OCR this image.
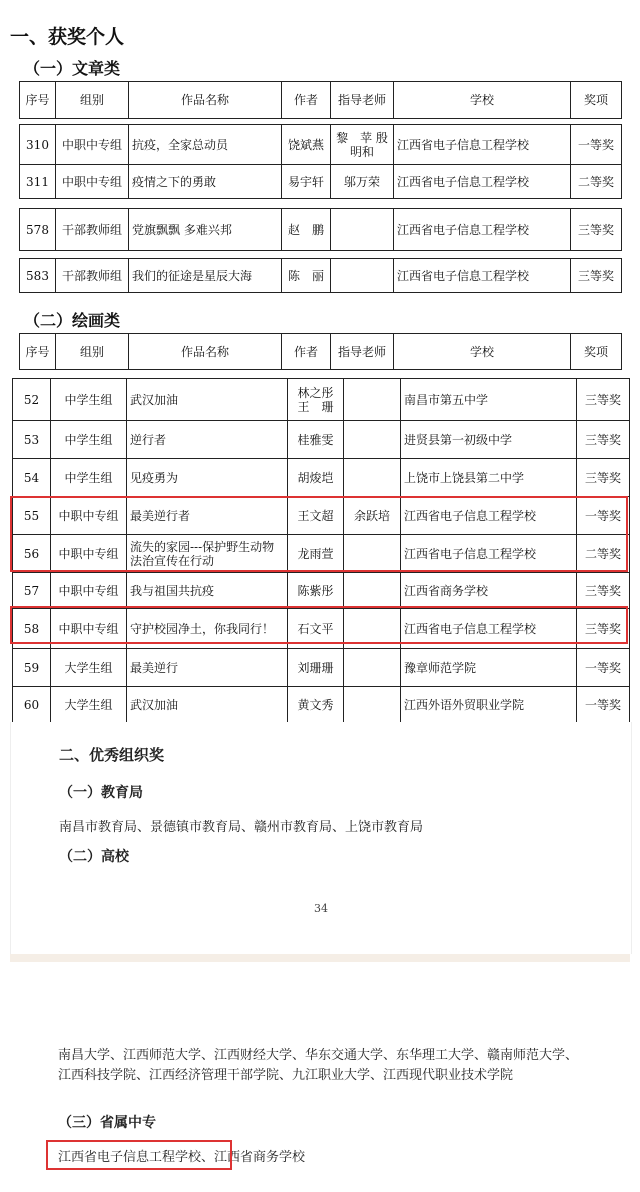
一、获奖个人
（一）文章类
序号	组别	作品名称	作者	指导老师	学校	奖项
310	中职中专组	抗疫，全家总动员	饶斌燕	黎　苹 殷明和	江西省电子信息工程学校	一等奖
311	中职中专组	疫情之下的勇敢	易宇轩	邬万荣	江西省电子信息工程学校	二等奖
578	干部教师组	党旗飘飘 多难兴邦	赵　鹏		江西省电子信息工程学校	三等奖
583	干部教师组	我们的征途是星辰大海	陈　丽		江西省电子信息工程学校	三等奖
（二）绘画类
序号	组别	作品名称	作者	指导老师	学校	奖项
52	中学生组	武汉加油	林之彤 王　珊		南昌市第五中学	三等奖
53	中学生组	逆行者	桂雅雯		进贤县第一初级中学	三等奖
54	中学生组	见疫勇为	胡焌垲		上饶市上饶县第二中学	三等奖
55	中职中专组	最美逆行者	王文超	余跃培	江西省电子信息工程学校	一等奖
56	中职中专组	流失的家园---保护野生动物　法治宣传在行动	龙雨萱		江西省电子信息工程学校	二等奖
57	中职中专组	我与祖国共抗疫	陈紫彤		江西省商务学校	三等奖
58	中职中专组	守护校园净土，你我同行！	石文平		江西省电子信息工程学校	三等奖
59	大学生组	最美逆行	刘珊珊		豫章师范学院	一等奖
60	大学生组	武汉加油	黄文秀		江西外语外贸职业学院	一等奖
二、优秀组织奖
（一）教育局
南昌市教育局、景德镇市教育局、赣州市教育局、上饶市教育局
（二）高校
34
南昌大学、江西师范大学、江西财经大学、华东交通大学、东华理工大学、赣南师范大学、江西科技学院、江西经济管理干部学院、九江职业大学、江西现代职业技术学院
（三）省属中专
江西省电子信息工程学校、江西省商务学校
